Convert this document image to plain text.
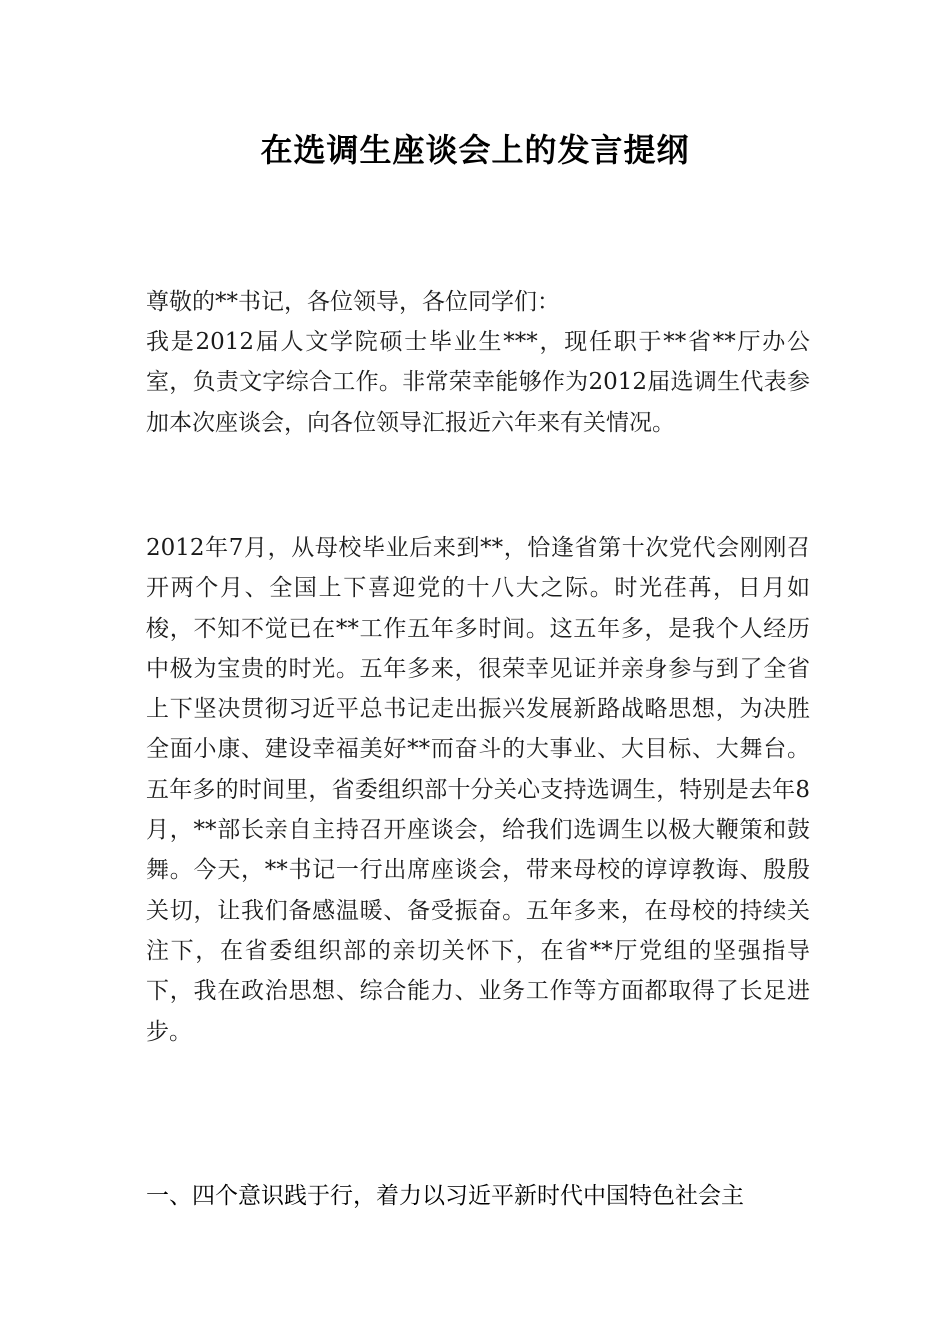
在选调生座谈会上的发言提纲

尊敬的**书记，各位领导，各位同学们：

我是2012届人文学院硕士毕业生***，现任职于**省**厅办公室，负责文字综合工作。非常荣幸能够作为2012届选调生代表参加本次座谈会，向各位领导汇报近六年来有关情况。

2012年7月，从母校毕业后来到**，恰逢省第十次党代会刚刚召开两个月、全国上下喜迎党的十八大之际。时光荏苒，日月如梭，不知不觉已在**工作五年多时间。这五年多，是我个人经历中极为宝贵的时光。五年多来，很荣幸见证并亲身参与到了全省上下坚决贯彻习近平总书记走出振兴发展新路战略思想，为决胜全面小康、建设幸福美好**而奋斗的大事业、大目标、大舞台。五年多的时间里，省委组织部十分关心支持选调生，特别是去年8月，**部长亲自主持召开座谈会，给我们选调生以极大鞭策和鼓舞。今天，**书记一行出席座谈会，带来母校的谆谆教诲、殷殷关切，让我们备感温暖、备受振奋。五年多来，在母校的持续关注下，在省委组织部的亲切关怀下，在省**厅党组的坚强指导下，我在政治思想、综合能力、业务工作等方面都取得了长足进步。

一、四个意识践于行，着力以习近平新时代中国特色社会主
